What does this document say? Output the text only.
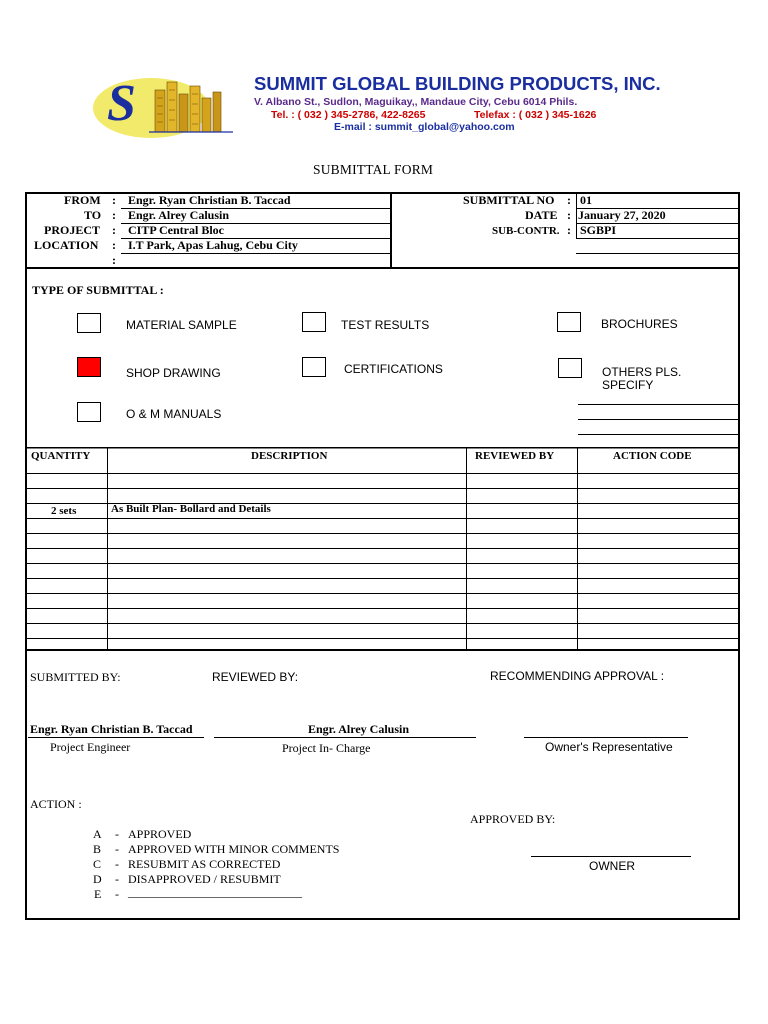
S	SUMMIT GLOBAL BUILDING PRODUCTS, INC.
V. Albano St., Sudlon, Maguikay,, Mandaue City, Cebu 6014 Phils.
Tel. : ( 032 ) 345-2786, 422-8265	Telefax : ( 032 ) 345-1626
E-mail : summit_global@yahoo.com
SUBMITTAL FORM
FROM : Engr. Ryan Christian B. Taccad
TO : Engr. Alrey Calusin
PROJECT : CITP Central Bloc
LOCATION : I.T Park, Apas Lahug, Cebu City
:
SUBMITTAL NO : 01
DATE : January 27, 2020
SUB-CONTR. : SGBPI
TYPE OF SUBMITTAL :
MATERIAL SAMPLE	TEST RESULTS	BROCHURES
SHOP DRAWING	CERTIFICATIONS	OTHERS PLS.
SPECIFY
O & M MANUALS
QUANTITY	DESCRIPTION	REVIEWED BY	ACTION CODE
2 sets	As Built Plan- Bollard and Details
SUBMITTED BY:	REVIEWED BY:	RECOMMENDING APPROVAL :
Engr. Ryan Christian B. Taccad
Project Engineer
Engr. Alrey Calusin
Project In- Charge	Owner's Representative
ACTION :
A - APPROVED
B - APPROVED WITH MINOR COMMENTS
C - RESUBMIT AS CORRECTED
D - DISAPPROVED / RESUBMIT
E - _____________________________
APPROVED BY:
OWNER
